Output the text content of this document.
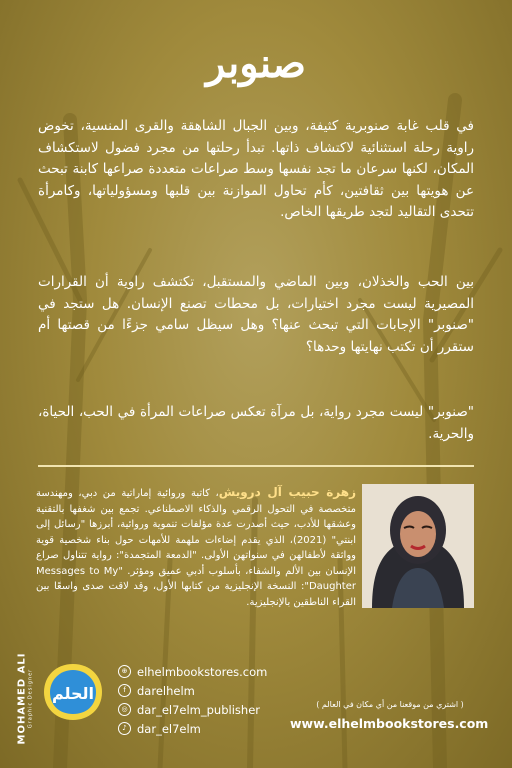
صنوبر
في قلب غابة صنوبرية كثيفة، وبين الجبال الشاهقة والقرى المنسية، تخوض راوية رحلة استثنائية لاكتشاف ذاتها. تبدأ رحلتها من مجرد فضول لاستكشاف المكان، لكنها سرعان ما تجد نفسها وسط صراعات متعددة صراعها كابنة تبحث عن هويتها بين ثقافتين، كأم تحاول الموازنة بين قلبها ومسؤولياتها، وكامرأة تتحدى التقاليد لتجد طريقها الخاص.
بين الحب والخذلان، وبين الماضي والمستقبل، تكتشف راوية أن القرارات المصيرية ليست مجرد اختيارات، بل محطات تصنع الإنسان. هل ستجد في "صنوبر" الإجابات التي تبحث عنها؟ وهل سيظل سامي جزءًا من قصتها أم ستقرر أن تكتب نهايتها وحدها؟
"صنوبر" ليست مجرد رواية، بل مرآة تعكس صراعات المرأة في الحب، الحياة، والحرية.
زهرة حبيب آل درويش، كاتبة وروائية إماراتية من دبي، ومهندسة متخصصة في التحول الرقمي والذكاء الاصطناعي. تجمع بين شغفها بالتقنية وعشقها للأدب، حيث أصدرت عدة مؤلفات تنموية وروائية، أبرزها "رسائل إلى ابنتي" (2021)، الذي يقدم إضاءات ملهمة للأمهات حول بناء شخصية قوية وواثقة لأطفالهن في سنواتهن الأولى. "الدمعة المتجمدة": رواية تتناول صراع الإنسان بين الألم والشفاء، بأسلوب أدبي عميق ومؤثر. "Messages to My Daughter": النسخة الإنجليزية من كتابها الأول، وقد لاقت صدى واسعًا بين القراء الناطقين بالإنجليزية.
الحلم
⊕ elhelmbookstores.com
f darelhelm
◎ dar_el7elm_publisher
♪ dar_el7elm
( اشتري من موقعنا من أي مكان في العالم )
www.elhelmbookstores.com
MOHAMED ALI Graphic Designer
